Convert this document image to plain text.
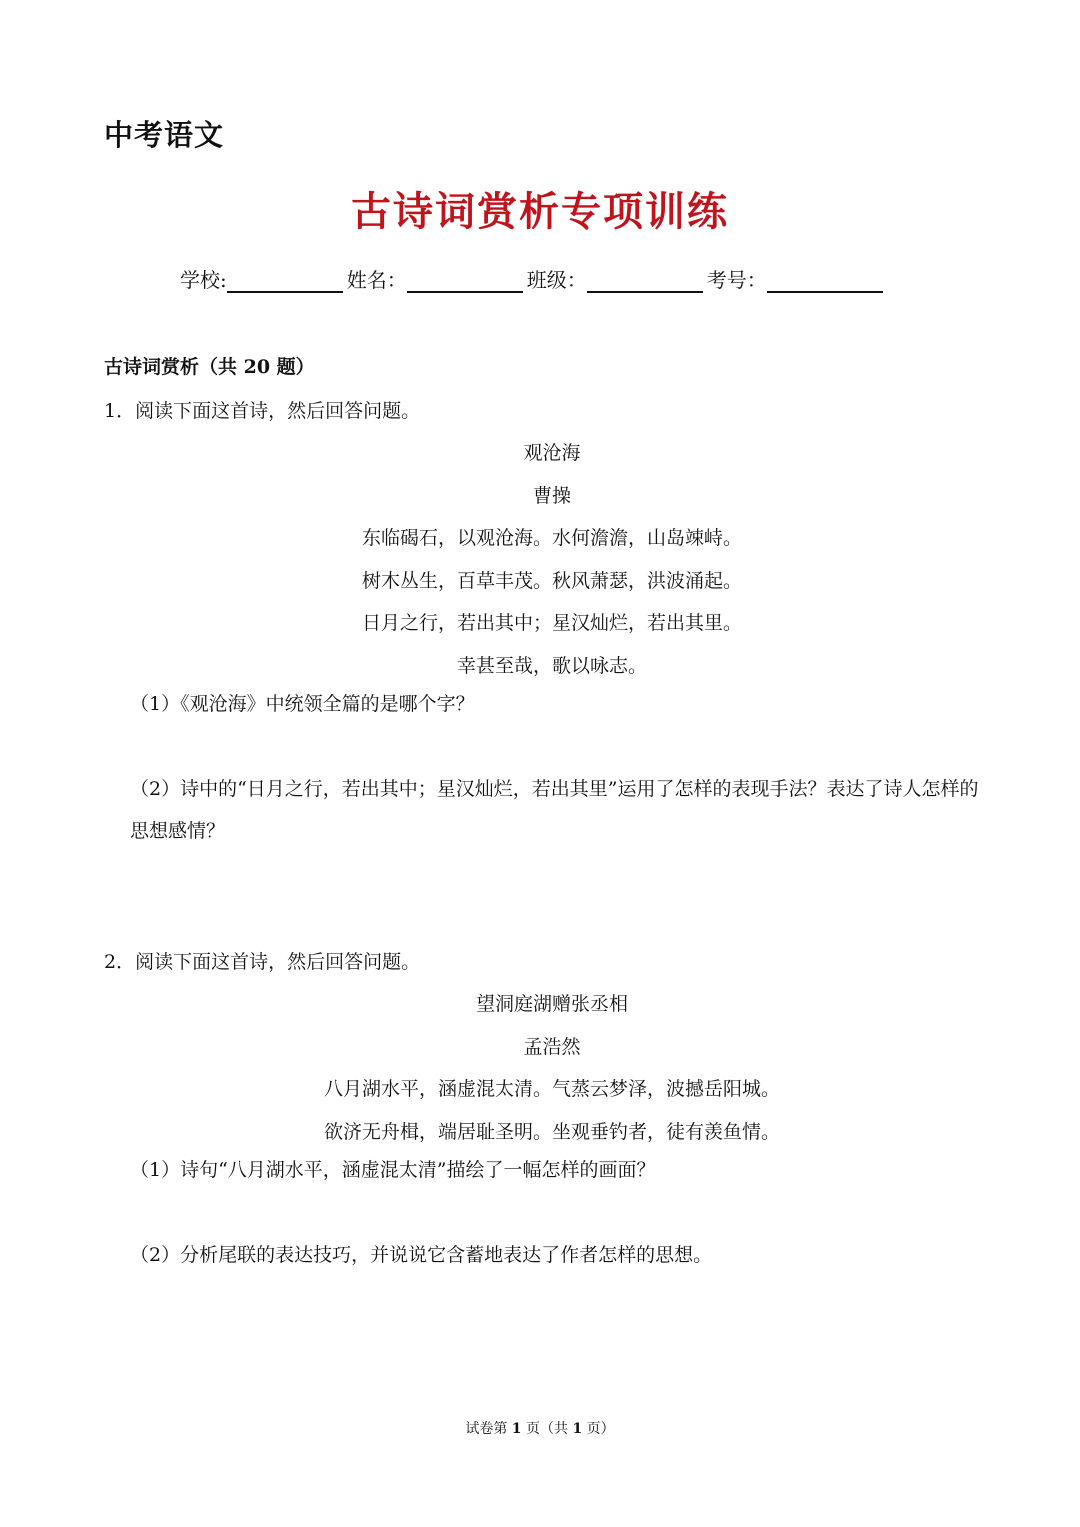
中考语文
古诗词赏析专项训练
学校:	姓名：	班级：	考号：
古诗词赏析（共 20 题）
1．阅读下面这首诗，然后回答问题。
观沧海
曹操
东临碣石，以观沧海。水何澹澹，山岛竦峙。
树木丛生，百草丰茂。秋风萧瑟，洪波涌起。
日月之行，若出其中；星汉灿烂，若出其里。
幸甚至哉，歌以咏志。
（1）《观沧海》中统领全篇的是哪个字？
（2）诗中的“日月之行，若出其中；星汉灿烂，若出其里”运用了怎样的表现手法？表达了诗人怎样的思想感情？
2．阅读下面这首诗，然后回答问题。
望洞庭湖赠张丞相
孟浩然
八月湖水平，涵虚混太清。气蒸云梦泽，波撼岳阳城。
欲济无舟楫，端居耻圣明。坐观垂钓者，徒有羡鱼情。
（1）诗句“八月湖水平，涵虚混太清”描绘了一幅怎样的画面？
（2）分析尾联的表达技巧，并说说它含蓄地表达了作者怎样的思想。
试卷第 1 页（共 1 页）
